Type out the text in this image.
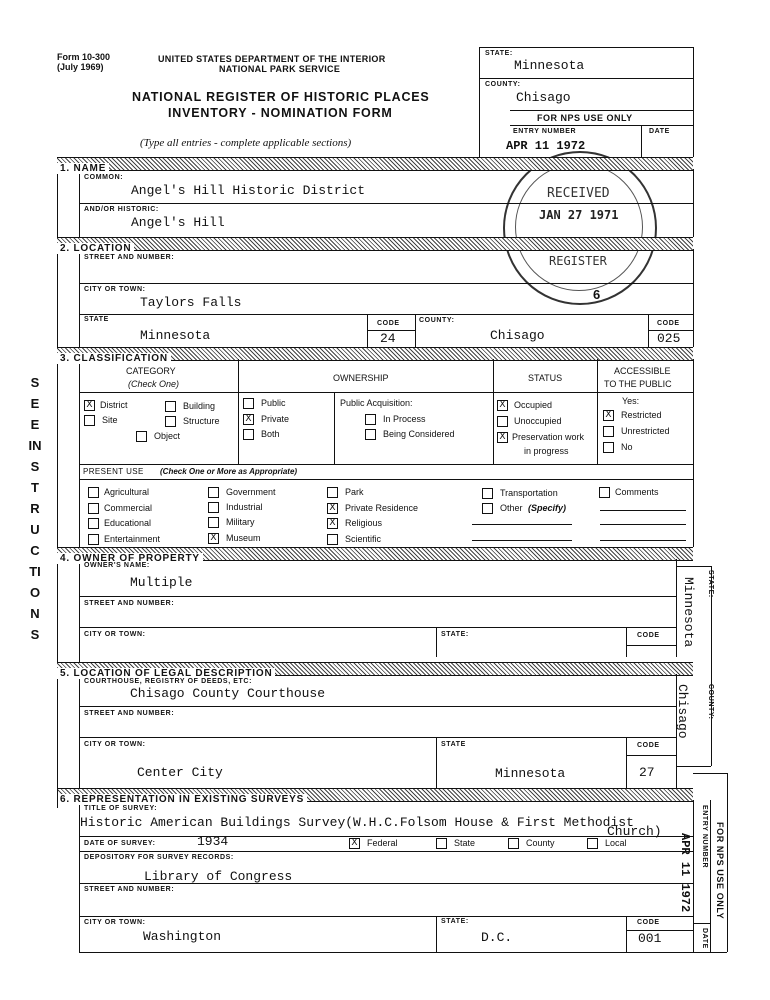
Form 10-300
(July 1969)
UNITED STATES DEPARTMENT OF THE INTERIOR
NATIONAL PARK SERVICE
NATIONAL REGISTER OF HISTORIC PLACES
INVENTORY - NOMINATION FORM
(Type all entries - complete applicable sections)
STATE:
Minnesota
COUNTY:
Chisago
FOR NPS USE ONLY
ENTRY NUMBER	DATE
APR 11 1972
RECEIVED
JAN 27 1971
REGISTER
6
SEE INSTRUCTIONS
1. NAME
COMMON:
Angel's Hill Historic District
AND/OR HISTORIC:
Angel's Hill
2. LOCATION
STREET AND NUMBER:
CITY OR TOWN:
Taylors Falls
STATE
Minnesota
CODE
24
COUNTY:
Chisago
CODE
025
3. CLASSIFICATION
CATEGORY
(Check One)
OWNERSHIP	STATUS
ACCESSIBLE
TO THE PUBLIC
X District	Building
Site	Structure
Object
Public
X Private
Both
Public Acquisition:
In Process
Being Considered
X Occupied
Unoccupied
X Preservation work
in progress
Yes:
X Restricted
Unrestricted
No
PRESENT USE (Check One or More as Appropriate)
Agricultural
Commercial
Educational
Entertainment
Government
Industrial
Military
X Museum
Park
X Private Residence
X Religious
Scientific
Transportation
Other (Specify)
Comments
4. OWNER OF PROPERTY
OWNER'S NAME:
Multiple
STREET AND NUMBER:
CITY OR TOWN:	STATE:	CODE
STATE:
Minnesota
COUNTY:
Chisago
5. LOCATION OF LEGAL DESCRIPTION
COURTHOUSE, REGISTRY OF DEEDS, ETC:
Chisago County Courthouse
STREET AND NUMBER:
CITY OR TOWN:
Center City
STATE
Minnesota
CODE
27
6. REPRESENTATION IN EXISTING SURVEYS
TITLE OF SURVEY:
Historic American Buildings Survey(W.H.C.Folsom House & First Methodist
Church)
DATE OF SURVEY:	1934	X Federal	State	County	Local
DEPOSITORY FOR SURVEY RECORDS:
Library of Congress
STREET AND NUMBER:
CITY OR TOWN:
Washington
STATE:
D.C.
CODE
001
FOR NPS USE ONLY
ENTRY NUMBER
DATE
APR 11 1972
